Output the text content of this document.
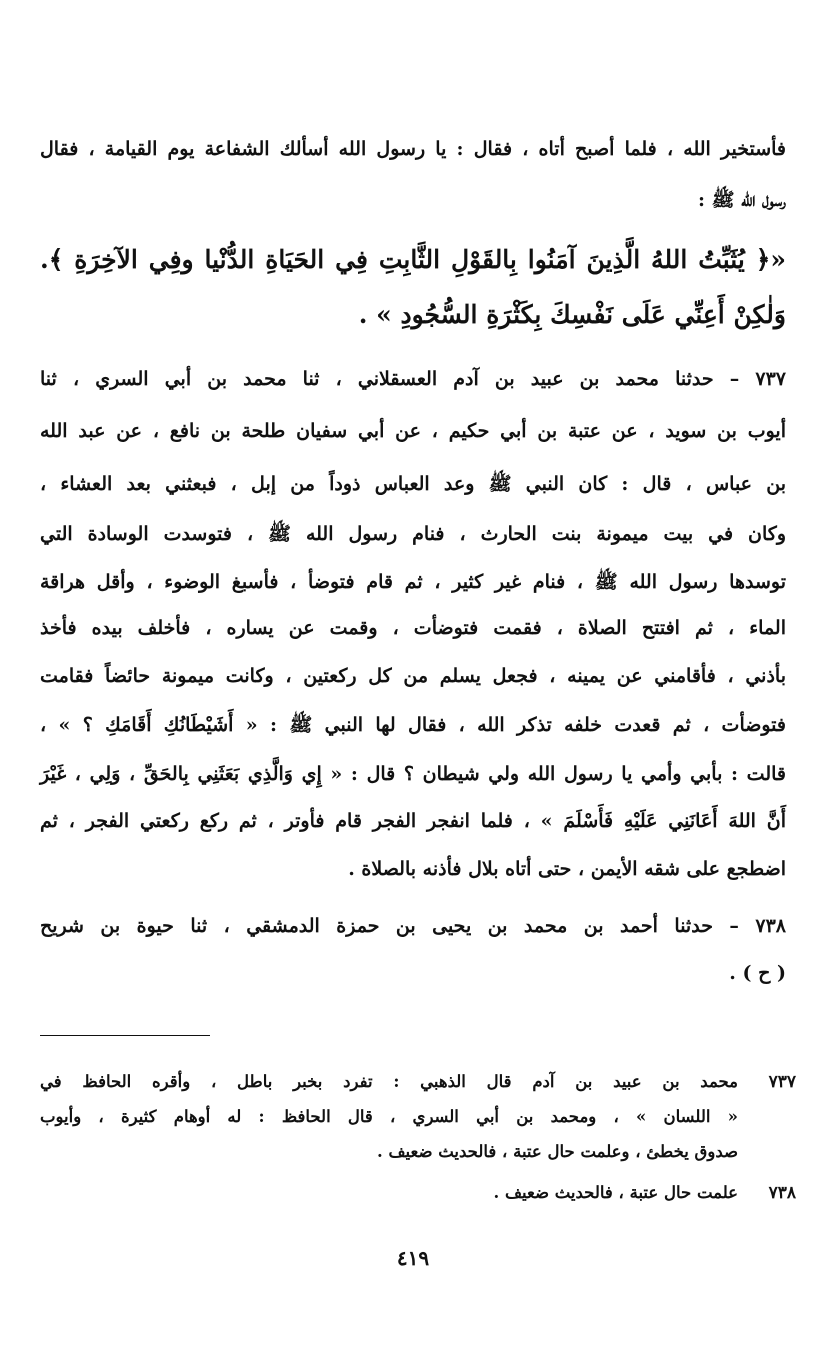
فأستخير الله ، فلما أصبح أتاه ، فقال : يا رسول الله أسألك الشفاعة يوم القيامة ، فقال
رسول الله ﷺ :
«﴿ يُثَبِّتُ اللهُ الَّذِينَ آمَنُوا بِالقَوْلِ الثَّابِتِ فِي الحَيَاةِ الدُّنْيا وفِي الآخِرَةِ ﴾.
وَلٰكِنْ أَعِنِّي عَلَى نَفْسِكَ بِكَثْرَةِ السُّجُودِ » .
٧٣٧ – حدثنا محمد بن عبيد بن آدم العسقلاني ، ثنا محمد بن أبي السري ، ثنا
أيوب بن سويد ، عن عتبة بن أبي حكيم ، عن أبي سفيان طلحة بن نافع ، عن عبد الله
بن عباس ، قال : كان النبي ﷺ وعد العباس ذوداً من إبل ، فبعثني بعد العشاء ،
وكان في بيت ميمونة بنت الحارث ، فنام رسول الله ﷺ ، فتوسدت الوسادة التي
توسدها رسول الله ﷺ ، فنام غير كثير ، ثم قام فتوضأ ، فأسبغ الوضوء ، وأقل هراقة
الماء ، ثم افتتح الصلاة ، فقمت فتوضأت ، وقمت عن يساره ، فأخلف بيده فأخذ
بأذني ، فأقامني عن يمينه ، فجعل يسلم من كل ركعتين ، وكانت ميمونة حائضاً فقامت
فتوضأت ، ثم قعدت خلفه تذكر الله ، فقال لها النبي ﷺ : « أَشَيْطَانُكِ أَقَامَكِ ؟ » ،
قالت : بأبي وأمي يا رسول الله ولي شيطان ؟ قال : « إِي وَالَّذِي بَعَثَنِي بِالحَقِّ ، وَلِي ، غَيْرَ
أَنَّ اللهَ أَعَانَنِي عَلَيْهِ فَأَسْلَمَ » ، فلما انفجر الفجر قام فأوتر ، ثم ركع ركعتي الفجر ، ثم
اضطجع على شقه الأيمن ، حتى أتاه بلال فأذنه بالصلاة .
٧٣٨ – حدثنا أحمد بن محمد بن يحيى بن حمزة الدمشقي ، ثنا حيوة بن شريح
( ح ) .
٧٣٧
محمد بن عبيد بن آدم قال الذهبي : تفرد بخبر باطل ، وأقره الحافظ في
« اللسان » ، ومحمد بن أبي السري ، قال الحافظ : له أوهام كثيرة ، وأيوب
صدوق يخطئ ، وعلمت حال عتبة ، فالحديث ضعيف .
٧٣٨
علمت حال عتبة ، فالحديث ضعيف .
٤١٩
